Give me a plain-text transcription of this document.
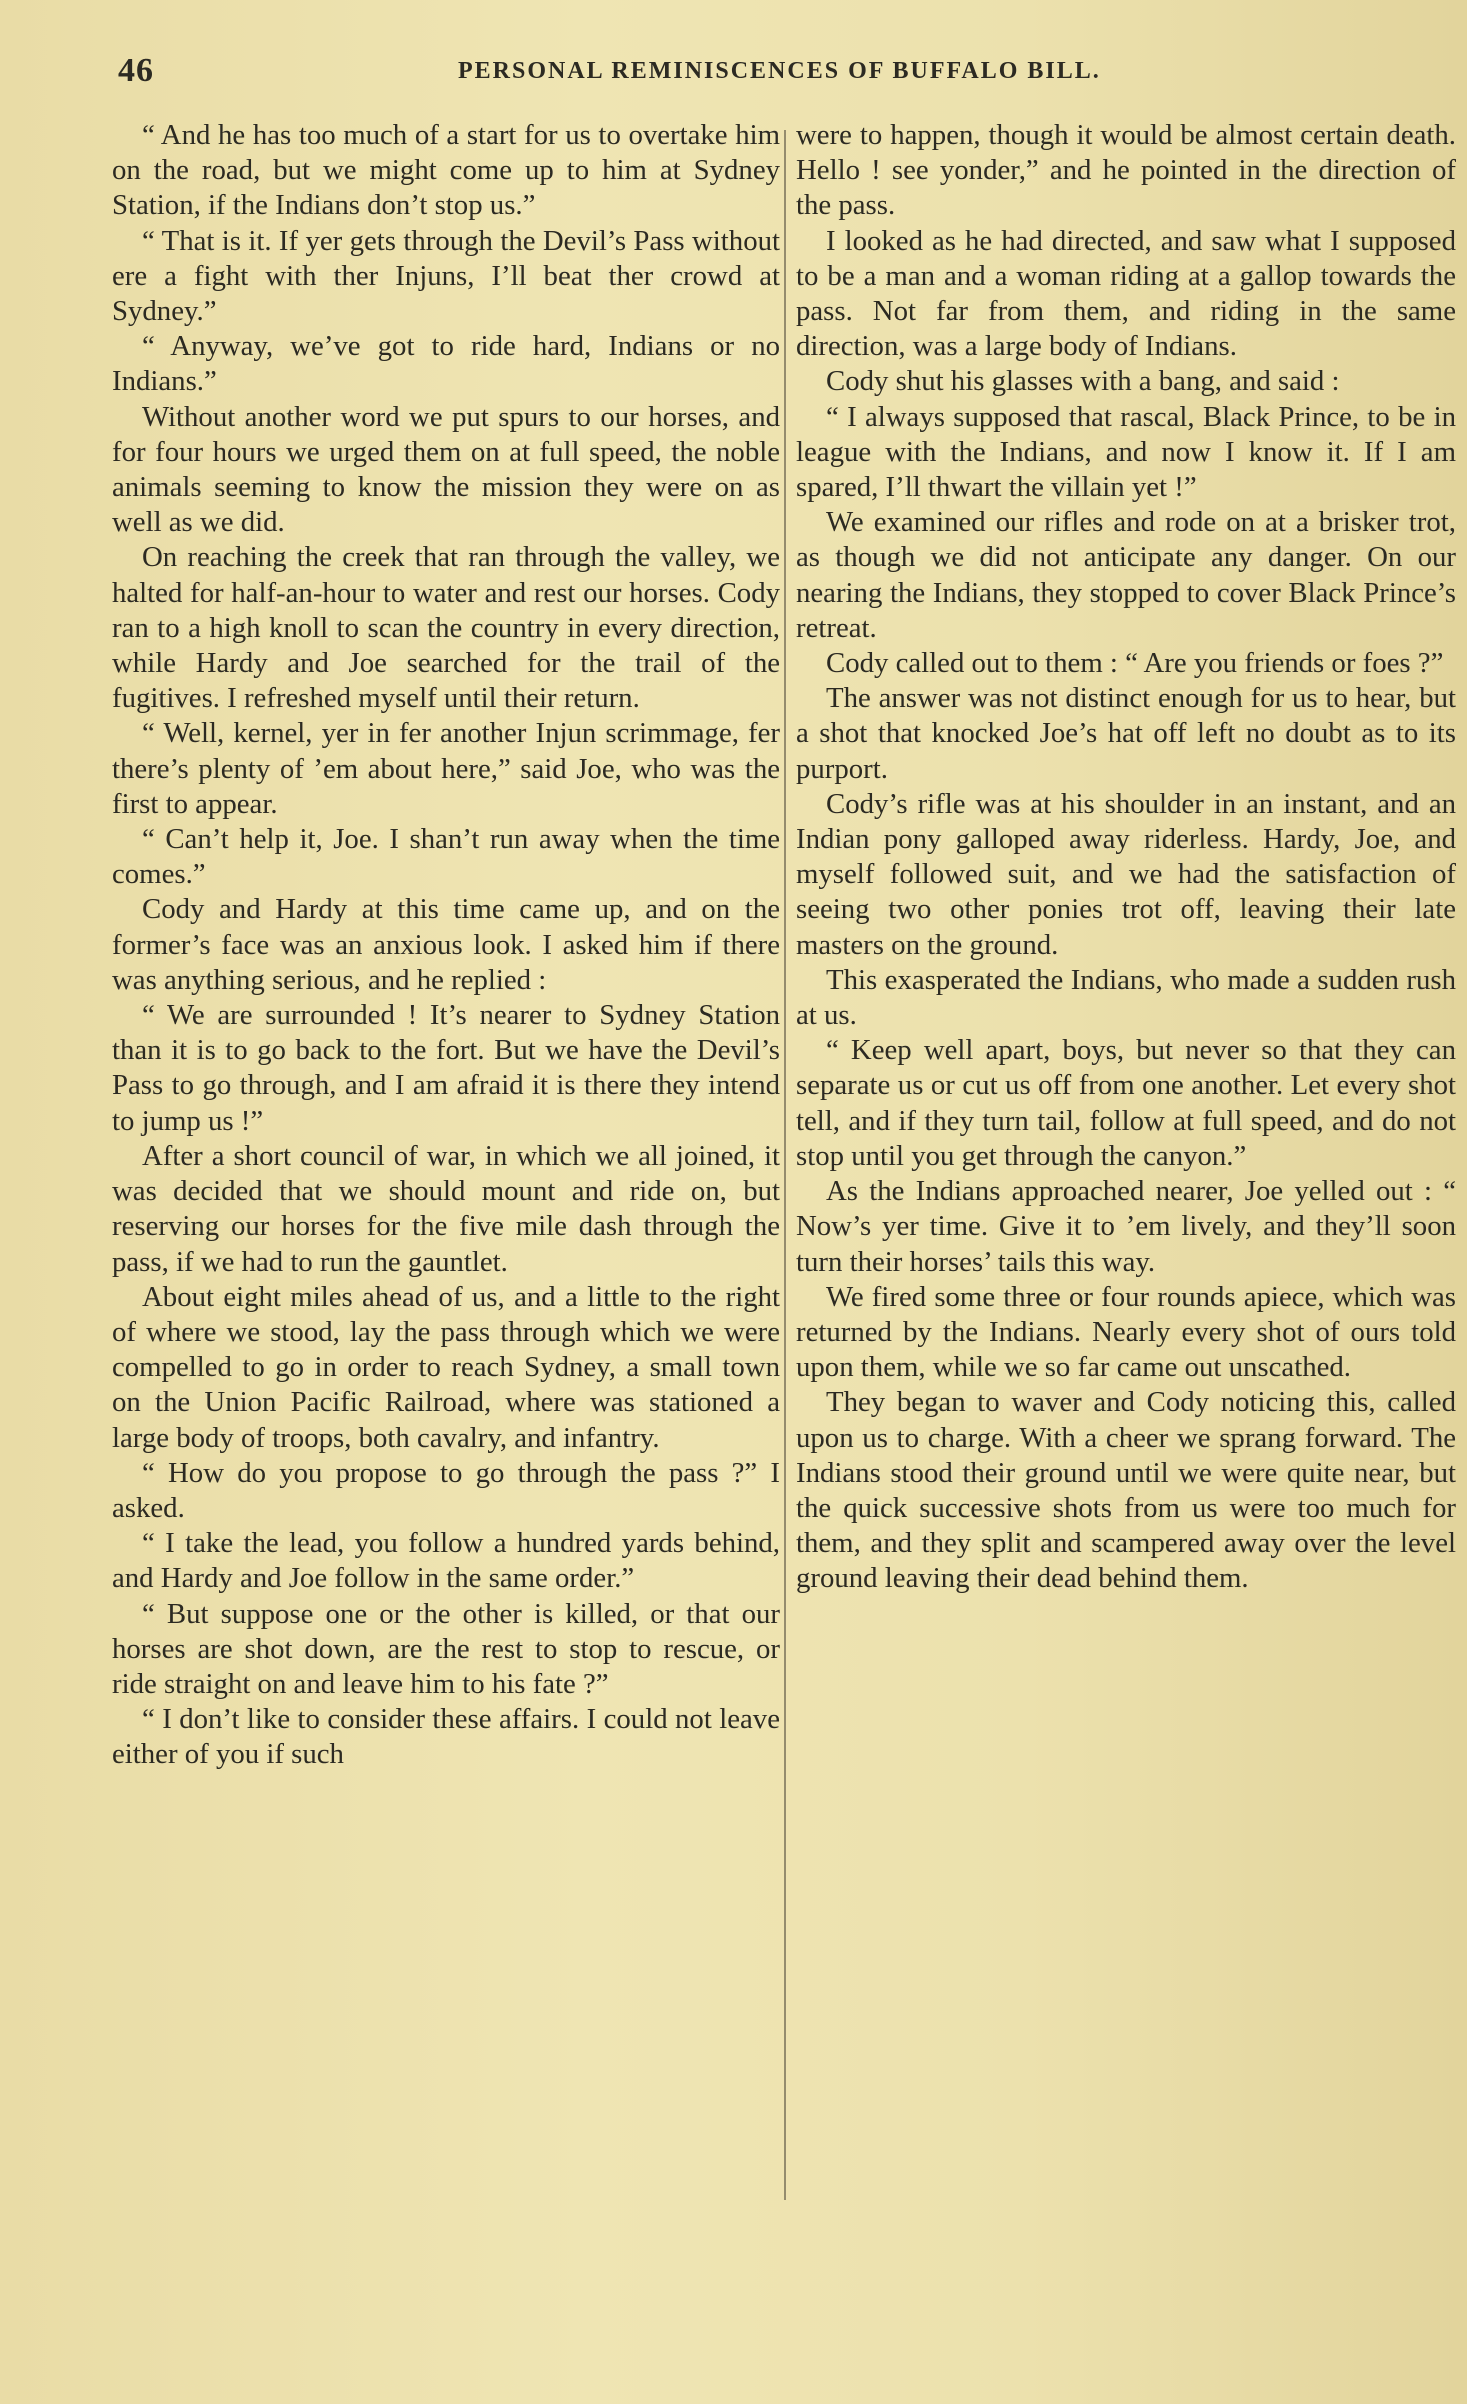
46	PERSONAL REMINISCENCES OF BUFFALO BILL.

“ And he has too much of a start for us to overtake him on the road, but we might come up to him at Sydney Station, if the Indians don’t stop us.”

“ That is it. If yer gets through the Devil’s Pass without ere a fight with ther Injuns, I’ll beat ther crowd at Sydney.”

“ Anyway, we’ve got to ride hard, Indians or no Indians.”

Without another word we put spurs to our horses, and for four hours we urged them on at full speed, the noble animals seeming to know the mission they were on as well as we did.

On reaching the creek that ran through the valley, we halted for half-an-hour to water and rest our horses. Cody ran to a high knoll to scan the country in every direction, while Hardy and Joe searched for the trail of the fugitives. I refreshed myself until their return.

“ Well, kernel, yer in fer another Injun scrimmage, fer there’s plenty of ’em about here,” said Joe, who was the first to appear.

“ Can’t help it, Joe. I shan’t run away when the time comes.”

Cody and Hardy at this time came up, and on the former’s face was an anxious look. I asked him if there was anything serious, and he replied :

“ We are surrounded ! It’s nearer to Sydney Station than it is to go back to the fort. But we have the Devil’s Pass to go through, and I am afraid it is there they intend to jump us !”

After a short council of war, in which we all joined, it was decided that we should mount and ride on, but reserving our horses for the five mile dash through the pass, if we had to run the gauntlet.

About eight miles ahead of us, and a little to the right of where we stood, lay the pass through which we were compelled to go in order to reach Sydney, a small town on the Union Pacific Railroad, where was stationed a large body of troops, both cavalry, and infantry.

“ How do you propose to go through the pass ?” I asked.

“ I take the lead, you follow a hundred yards behind, and Hardy and Joe follow in the same order.”

“ But suppose one or the other is killed, or that our horses are shot down, are the rest to stop to rescue, or ride straight on and leave him to his fate ?”

“ I don’t like to consider these affairs. I could not leave either of you if such

were to happen, though it would be almost certain death. Hello ! see yonder,” and he pointed in the direction of the pass.

I looked as he had directed, and saw what I supposed to be a man and a woman riding at a gallop towards the pass. Not far from them, and riding in the same direction, was a large body of Indians.

Cody shut his glasses with a bang, and said :

“ I always supposed that rascal, Black Prince, to be in league with the Indians, and now I know it. If I am spared, I’ll thwart the villain yet !”

We examined our rifles and rode on at a brisker trot, as though we did not anticipate any danger. On our nearing the Indians, they stopped to cover Black Prince’s retreat.

Cody called out to them : “ Are you friends or foes ?”

The answer was not distinct enough for us to hear, but a shot that knocked Joe’s hat off left no doubt as to its purport.

Cody’s rifle was at his shoulder in an instant, and an Indian pony galloped away riderless. Hardy, Joe, and myself followed suit, and we had the satisfaction of seeing two other ponies trot off, leaving their late masters on the ground.

This exasperated the Indians, who made a sudden rush at us.

“ Keep well apart, boys, but never so that they can separate us or cut us off from one another. Let every shot tell, and if they turn tail, follow at full speed, and do not stop until you get through the canyon.”

As the Indians approached nearer, Joe yelled out : “ Now’s yer time. Give it to ’em lively, and they’ll soon turn their horses’ tails this way.

We fired some three or four rounds apiece, which was returned by the Indians. Nearly every shot of ours told upon them, while we so far came out unscathed.

They began to waver and Cody noticing this, called upon us to charge. With a cheer we sprang forward. The Indians stood their ground until we were quite near, but the quick successive shots from us were too much for them, and they split and scampered away over the level ground leaving their dead behind them.
